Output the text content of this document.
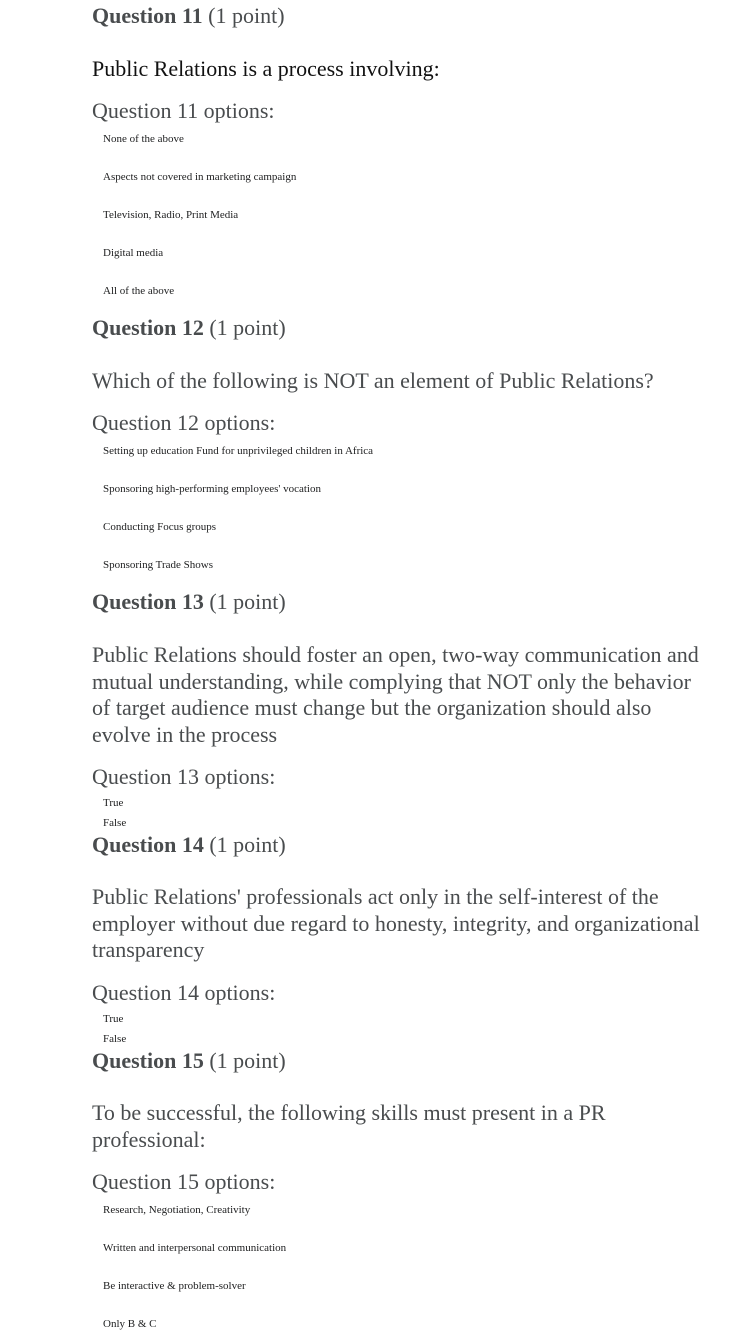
Question 11 (1 point)
Public Relations is a process involving:
Question 11 options:
None of the above
Aspects not covered in marketing campaign
Television, Radio, Print Media
Digital media
All of the above
Question 12 (1 point)
Which of the following is NOT an element of Public Relations?
Question 12 options:
Setting up education Fund for unprivileged children in Africa
Sponsoring high-performing employees' vocation
Conducting Focus groups
Sponsoring Trade Shows
Question 13 (1 point)
Public Relations should foster an open, two-way communication and mutual understanding, while complying that NOT only the behavior of target audience must change but the organization should also evolve in the process
Question 13 options:
True
False
Question 14 (1 point)
Public Relations' professionals act only in the self-interest of the employer without due regard to honesty, integrity, and organizational transparency
Question 14 options:
True
False
Question 15 (1 point)
To be successful, the following skills must present in a PR professional:
Question 15 options:
Research, Negotiation, Creativity
Written and interpersonal communication
Be interactive & problem-solver
Only B & C
